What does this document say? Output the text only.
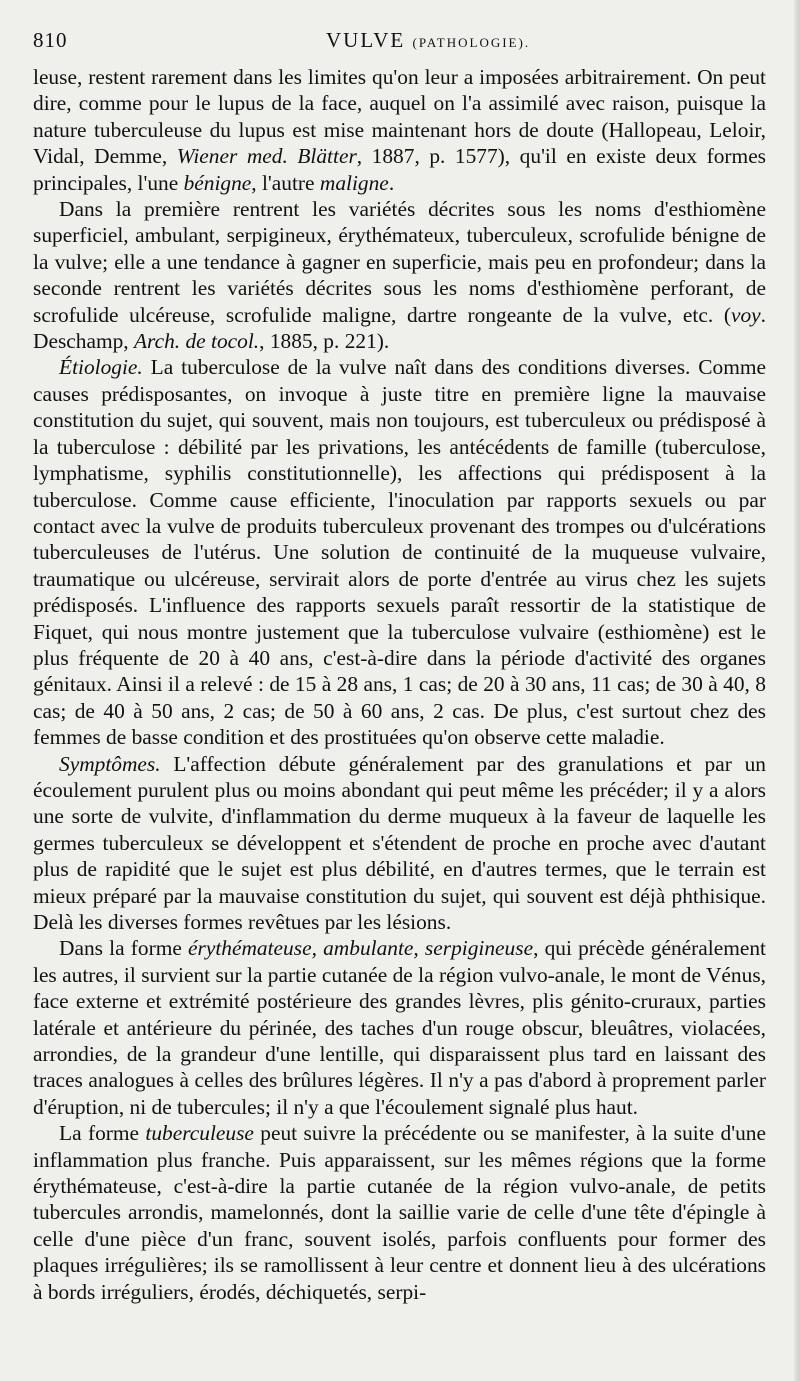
810	VULVE (PATHOLOGIE).

leuse, restent rarement dans les limites qu'on leur a imposées arbitrairement. On peut dire, comme pour le lupus de la face, auquel on l'a assimilé avec raison, puisque la nature tuberculeuse du lupus est mise maintenant hors de doute (Hallopeau, Leloir, Vidal, Demme, Wiener med. Blätter, 1887, p. 1577), qu'il en existe deux formes principales, l'une bénigne, l'autre maligne.

Dans la première rentrent les variétés décrites sous les noms d'esthiomène superficiel, ambulant, serpigineux, érythémateux, tuberculeux, scrofulide bénigne de la vulve; elle a une tendance à gagner en superficie, mais peu en profondeur; dans la seconde rentrent les variétés décrites sous les noms d'esthiomène perforant, de scrofulide ulcéreuse, scrofulide maligne, dartre rongeante de la vulve, etc. (voy. Deschamp, Arch. de tocol., 1885, p. 221).

Étiologie. La tuberculose de la vulve naît dans des conditions diverses. Comme causes prédisposantes, on invoque à juste titre en première ligne la mauvaise constitution du sujet, qui souvent, mais non toujours, est tuberculeux ou prédisposé à la tuberculose : débilité par les privations, les antécédents de famille (tuberculose, lymphatisme, syphilis constitutionnelle), les affections qui prédisposent à la tuberculose. Comme cause efficiente, l'inoculation par rapports sexuels ou par contact avec la vulve de produits tuberculeux provenant des trompes ou d'ulcérations tuberculeuses de l'utérus. Une solution de continuité de la muqueuse vulvaire, traumatique ou ulcéreuse, servirait alors de porte d'entrée au virus chez les sujets prédisposés. L'influence des rapports sexuels paraît ressortir de la statistique de Fiquet, qui nous montre justement que la tuberculose vulvaire (esthiomène) est le plus fréquente de 20 à 40 ans, c'est-à-dire dans la période d'activité des organes génitaux. Ainsi il a relevé : de 15 à 28 ans, 1 cas; de 20 à 30 ans, 11 cas; de 30 à 40, 8 cas; de 40 à 50 ans, 2 cas; de 50 à 60 ans, 2 cas. De plus, c'est surtout chez des femmes de basse condition et des prostituées qu'on observe cette maladie.

Symptômes. L'affection débute généralement par des granulations et par un écoulement purulent plus ou moins abondant qui peut même les précéder; il y a alors une sorte de vulvite, d'inflammation du derme muqueux à la faveur de laquelle les germes tuberculeux se développent et s'étendent de proche en proche avec d'autant plus de rapidité que le sujet est plus débilité, en d'autres termes, que le terrain est mieux préparé par la mauvaise constitution du sujet, qui souvent est déjà phthisique. Delà les diverses formes revêtues par les lésions.

Dans la forme érythémateuse, ambulante, serpigineuse, qui précède généralement les autres, il survient sur la partie cutanée de la région vulvo-anale, le mont de Vénus, face externe et extrémité postérieure des grandes lèvres, plis génito-cruraux, parties latérale et antérieure du périnée, des taches d'un rouge obscur, bleuâtres, violacées, arrondies, de la grandeur d'une lentille, qui disparaissent plus tard en laissant des traces analogues à celles des brûlures légères. Il n'y a pas d'abord à proprement parler d'éruption, ni de tubercules; il n'y a que l'écoulement signalé plus haut.

La forme tuberculeuse peut suivre la précédente ou se manifester, à la suite d'une inflammation plus franche. Puis apparaissent, sur les mêmes régions que la forme érythémateuse, c'est-à-dire la partie cutanée de la région vulvo-anale, de petits tubercules arrondis, mamelonnés, dont la saillie varie de celle d'une tête d'épingle à celle d'une pièce d'un franc, souvent isolés, parfois confluents pour former des plaques irrégulières; ils se ramollissent à leur centre et donnent lieu à des ulcérations à bords irréguliers, érodés, déchiquetés, serpi-
